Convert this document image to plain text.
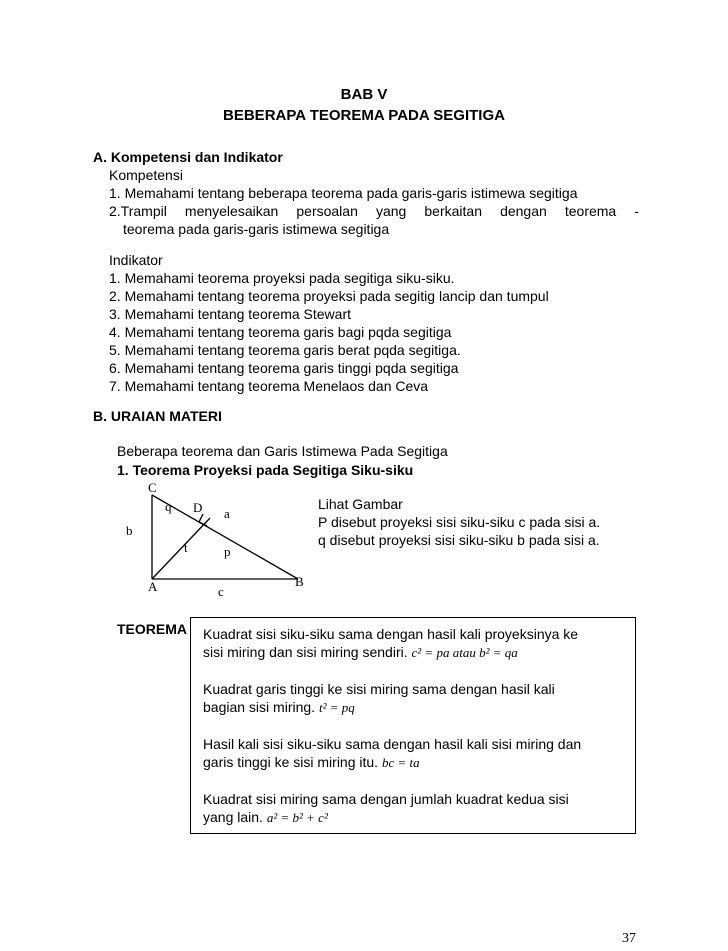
BAB V
BEBERAPA TEOREMA PADA SEGITIGA
A. Kompetensi dan Indikator
Kompetensi
1. Memahami tentang beberapa teorema pada garis-garis istimewa segitiga
2.Trampil menyelesaikan persoalan yang berkaitan dengan teorema -
teorema pada garis-garis istimewa segitiga
Indikator
1. Memahami teorema proyeksi pada segitiga siku-siku.
2. Memahami tentang teorema proyeksi pada segitig lancip dan tumpul
3. Memahami tentang teorema Stewart
4. Memahami tentang teorema garis bagi pqda segitiga
5. Memahami tentang teorema garis berat pqda segitiga.
6. Memahami tentang teorema garis tinggi pqda segitiga
7. Memahami tentang teorema Menelaos dan Ceva
B. URAIAN MATERI
Beberapa teorema dan Garis Istimewa Pada Segitiga
1. Teorema Proyeksi pada Segitiga Siku-siku
C
q D a
b
t	p
A	B
c
Lihat Gambar
P disebut proyeksi sisi siku-siku c pada sisi a.
q disebut proyeksi sisi siku-siku b pada sisi a.
TEOREMA Kuadrat sisi siku-siku sama dengan hasil kali proyeksinya ke
sisi miring dan sisi miring sendiri. c² = pa atau b² = qa
Kuadrat garis tinggi ke sisi miring sama dengan hasil kali
bagian sisi miring. t² = pq
Hasil kali sisi siku-siku sama dengan hasil kali sisi miring dan
garis tinggi ke sisi miring itu. bc = ta
Kuadrat sisi miring sama dengan jumlah kuadrat kedua sisi
yang lain. a² = b² + c²
37
